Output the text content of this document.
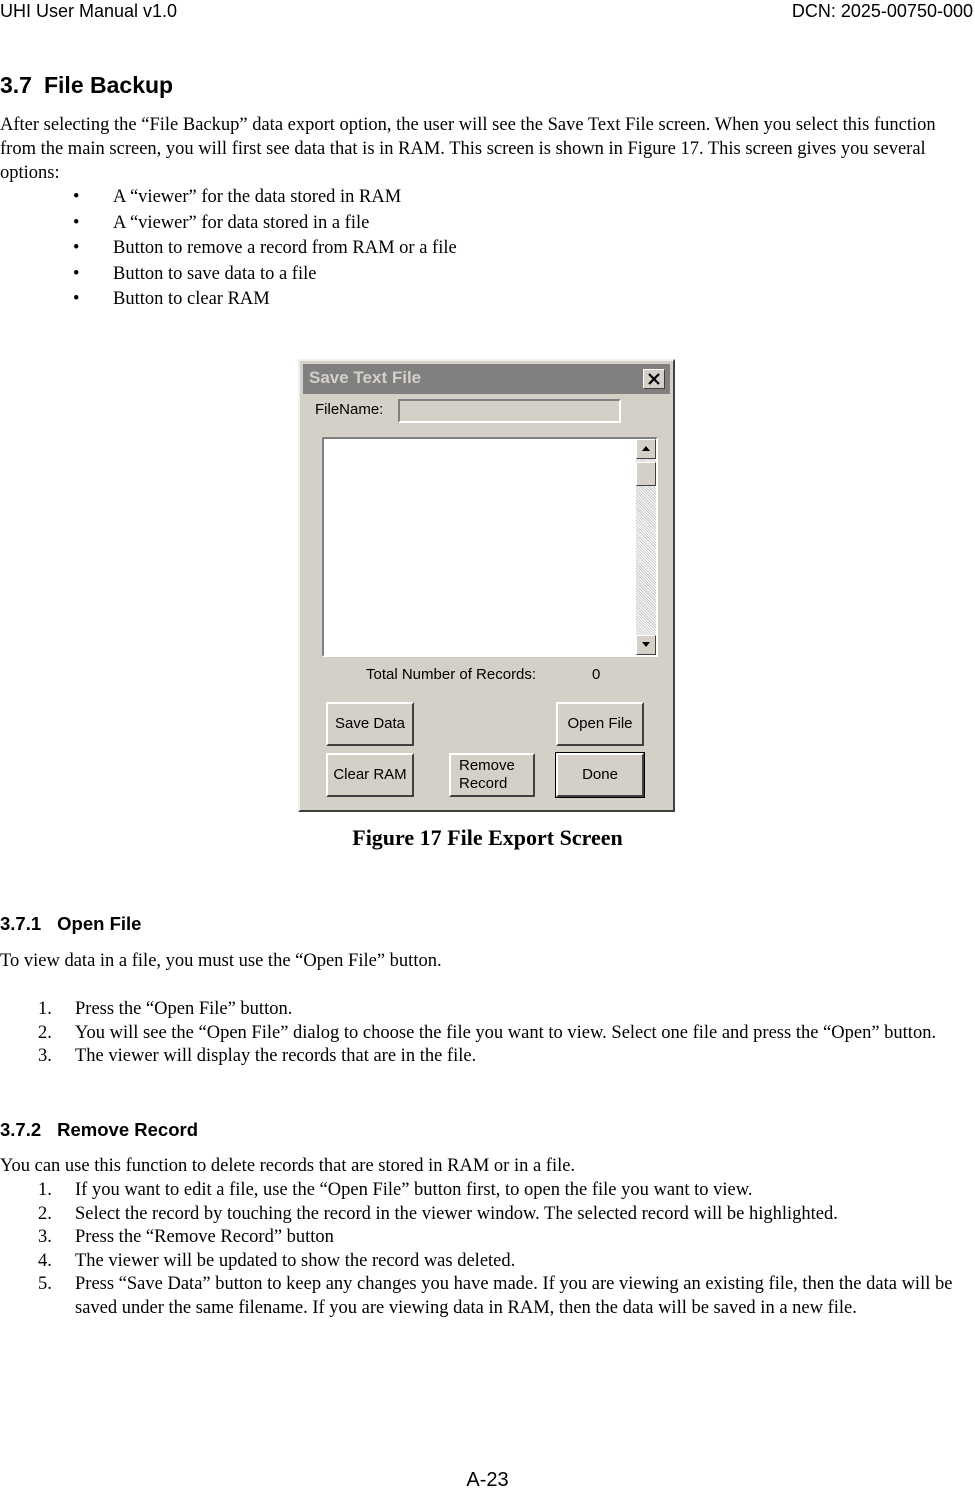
UHI User Manual v1.0	DCN: 2025-00750-000
3.7 File Backup

After selecting the “File Backup” data export option, the user will see the Save Text File screen. When you select this function from the main screen, you will first see data that is in RAM. This screen is shown in Figure 17. This screen gives you several options:

• A “viewer” for the data stored in RAM
• A “viewer” for data stored in a file
• Button to remove a record from RAM or a file
• Button to save data to a file
• Button to clear RAM
Save Text File
FileName:
Total Number of Records:	0
Save Data	Open File
Clear RAM
Remove
Record
Done
Figure 17 File Export Screen
3.7.1 Open File

To view data in a file, you must use the “Open File” button.

1. Press the “Open File” button.
2. You will see the “Open File” dialog to choose the file you want to view. Select one file and press the “Open” button.
3. The viewer will display the records that are in the file.
3.7.2 Remove Record

You can use this function to delete records that are stored in RAM or in a file.

1. If you want to edit a file, use the “Open File” button first, to open the file you want to view.
2. Select the record by touching the record in the viewer window. The selected record will be highlighted.
3. Press the “Remove Record” button
4. The viewer will be updated to show the record was deleted.
5. Press “Save Data” button to keep any changes you have made. If you are viewing an existing file, then the data will be saved under the same filename. If you are viewing data in RAM, then the data will be saved in a new file.
A-23
